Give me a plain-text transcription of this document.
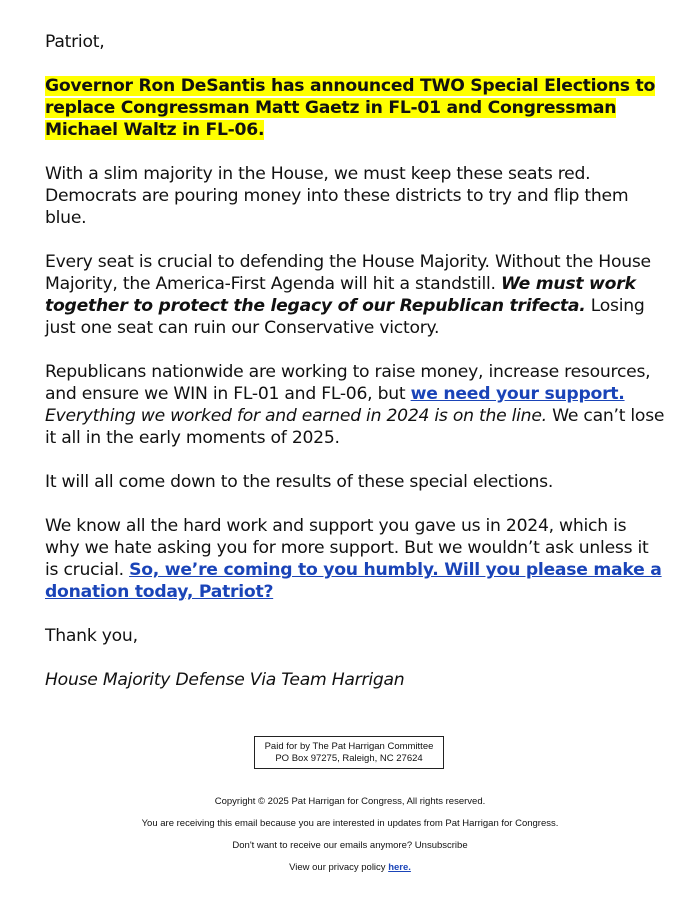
Patriot,

Governor Ron DeSantis has announced TWO Special Elections to replace Congressman Matt Gaetz in FL-01 and Congressman Michael Waltz in FL-06.

With a slim majority in the House, we must keep these seats red. Democrats are pouring money into these districts to try and flip them blue.

Every seat is crucial to defending the House Majority. Without the House Majority, the America-First Agenda will hit a standstill. We must work together to protect the legacy of our Republican trifecta. Losing just one seat can ruin our Conservative victory.

Republicans nationwide are working to raise money, increase resources, and ensure we WIN in FL-01 and FL-06, but we need your support. Everything we worked for and earned in 2024 is on the line. We can’t lose it all in the early moments of 2025.

It will all come down to the results of these special elections.

We know all the hard work and support you gave us in 2024, which is why we hate asking you for more support. But we wouldn’t ask unless it is crucial. So, we’re coming to you humbly. Will you please make a donation today, Patriot?

Thank you,

House Majority Defense Via Team Harrigan

Paid for by The Pat Harrigan Committee
PO Box 97275, Raleigh, NC 27624
Copyright © 2025 Pat Harrigan for Congress, All rights reserved.
You are receiving this email because you are interested in updates from Pat Harrigan for Congress.
Don't want to receive our emails anymore? Unsubscribe
View our privacy policy here.
